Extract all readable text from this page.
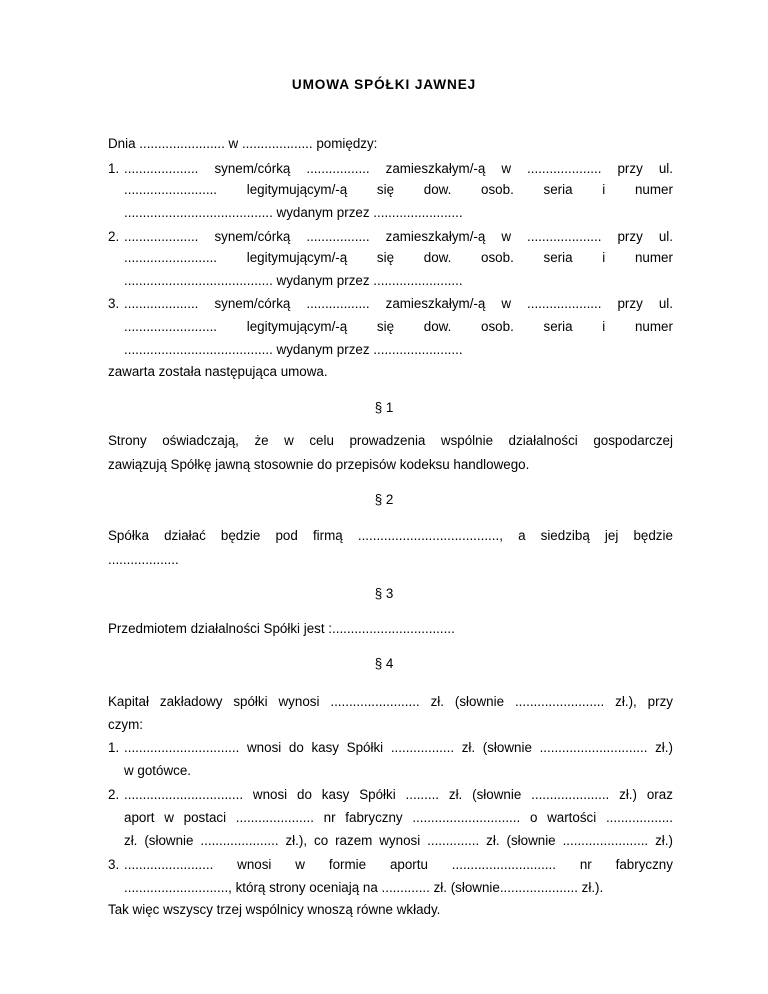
UMOWA SPÓŁKI JAWNEJ
Dnia ....................... w ................... pomiędzy:
1. .................... synem/córką ................. zamieszkałym/-ą w .................... przy ul.
......................... legitymującym/-ą się dow. osob. seria i numer
........................................ wydanym przez ........................
2. .................... synem/córką ................. zamieszkałym/-ą w .................... przy ul.
......................... legitymującym/-ą się dow. osob. seria i numer
........................................ wydanym przez ........................
3. .................... synem/córką ................. zamieszkałym/-ą w .................... przy ul.
......................... legitymującym/-ą się dow. osob. seria i numer
........................................ wydanym przez ........................
zawarta została następująca umowa.
§ 1
Strony oświadczają, że w celu prowadzenia wspólnie działalności gospodarczej
zawiązują Spółkę jawną stosownie do przepisów kodeksu handlowego.
§ 2
Spółka działać będzie pod firmą ......................................, a siedzibą jej będzie
...................
§ 3
Przedmiotem działalności Spółki jest :.................................
§ 4
Kapitał zakładowy spółki wynosi ........................ zł. (słownie ........................ zł.), przy
czym:
1. ............................... wnosi do kasy Spółki ................. zł. (słownie ............................. zł.)
w gotówce.
2. ................................ wnosi do kasy Spółki ......... zł. (słownie ..................... zł.) oraz
aport w postaci ..................... nr fabryczny ............................. o wartości ..................
zł. (słownie ..................... zł.), co razem wynosi .............. zł. (słownie ....................... zł.)
3. ........................ wnosi w formie aportu ............................ nr fabryczny
............................, którą strony oceniają na ............. zł. (słownie..................... zł.).
Tak więc wszyscy trzej wspólnicy wnoszą równe wkłady.
